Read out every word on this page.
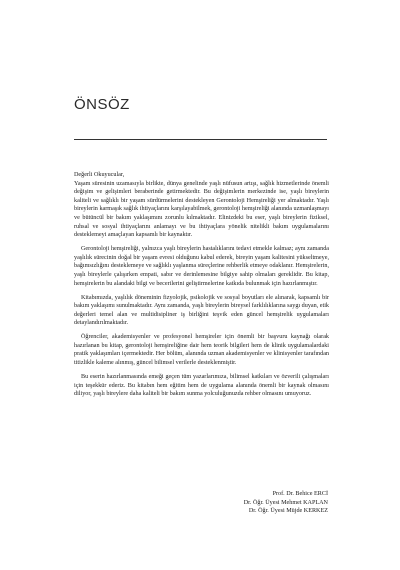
ÖNSÖZ

Değerli Okuyucular,

Yaşam süresinin uzamasıyla birlikte, dünya genelinde yaşlı nüfusun artışı, sağlık hizmetlerinde önemli değişim ve gelişimleri beraberinde getirmektedir. Bu değişimlerin merkezinde ise, yaşlı bireylerin kaliteli ve sağlıklı bir yaşam sürdürmelerini destekleyen Gerontoloji Hemşireliği yer almaktadır. Yaşlı bireylerin karmaşık sağlık ihtiyaçlarını karşılayabilmek, gerontoloji hemşireliği alanında uzmanlaşmayı ve bütüncül bir bakım yaklaşımını zorunlu kılmaktadır. Elinizdeki bu eser, yaşlı bireylerin fiziksel, ruhsal ve sosyal ihtiyaçlarını anlamayı ve bu ihtiyaçlara yönelik nitelikli bakım uygulamalarını desteklemeyi amaçlayan kapsamlı bir kaynaktır.

Gerontoloji hemşireliği, yalnızca yaşlı bireylerin hastalıklarını tedavi etmekle kalmaz; aynı zamanda yaşlılık sürecinin doğal bir yaşam evresi olduğunu kabul ederek, bireyin yaşam kalitesini yükseltmeye, bağımsızlığını desteklemeye ve sağlıklı yaşlanma süreçlerine rehberlik etmeye odaklanır. Hemşirelerin, yaşlı bireylerle çalışırken empati, sabır ve derinlemesine bilgiye sahip olmaları gereklidir. Bu kitap, hemşirelerin bu alandaki bilgi ve becerilerini geliştirmelerine katkıda bulunmak için hazırlanmıştır.

Kitabımızda, yaşlılık döneminin fizyolojik, psikolojik ve sosyal boyutları ele alınarak, kapsamlı bir bakım yaklaşımı sunulmaktadır. Aynı zamanda, yaşlı bireylerin bireysel farklılıklarına saygı duyan, etik değerleri temel alan ve multidisipliner iş birliğini teşvik eden güncel hemşirelik uygulamaları detaylandırılmaktadır.

Öğrenciler, akademisyenler ve profesyonel hemşireler için önemli bir başvuru kaynağı olarak hazırlanan bu kitap, gerontoloji hemşireliğine dair hem teorik bilgileri hem de klinik uygulamalardaki pratik yaklaşımları içermektedir. Her bölüm, alanında uzman akademisyenler ve klinisyenler tarafından titizlikle kaleme alınmış, güncel bilimsel verilerle desteklenmiştir.

Bu eserin hazırlanmasında emeği geçen tüm yazarlarımıza, bilimsel katkıları ve özverili çalışmaları için teşekkür ederiz. Bu kitabın hem eğitim hem de uygulama alanında önemli bir kaynak olmasını diliyor, yaşlı bireylere daha kaliteli bir bakım sunma yolculuğunuzda rehber olmasını umuyoruz.

Prof. Dr. Behice ERCİ
Dr. Öğr. Üyesi Mehmet KAPLAN
Dr. Öğr. Üyesi Müjde KERKEZ
